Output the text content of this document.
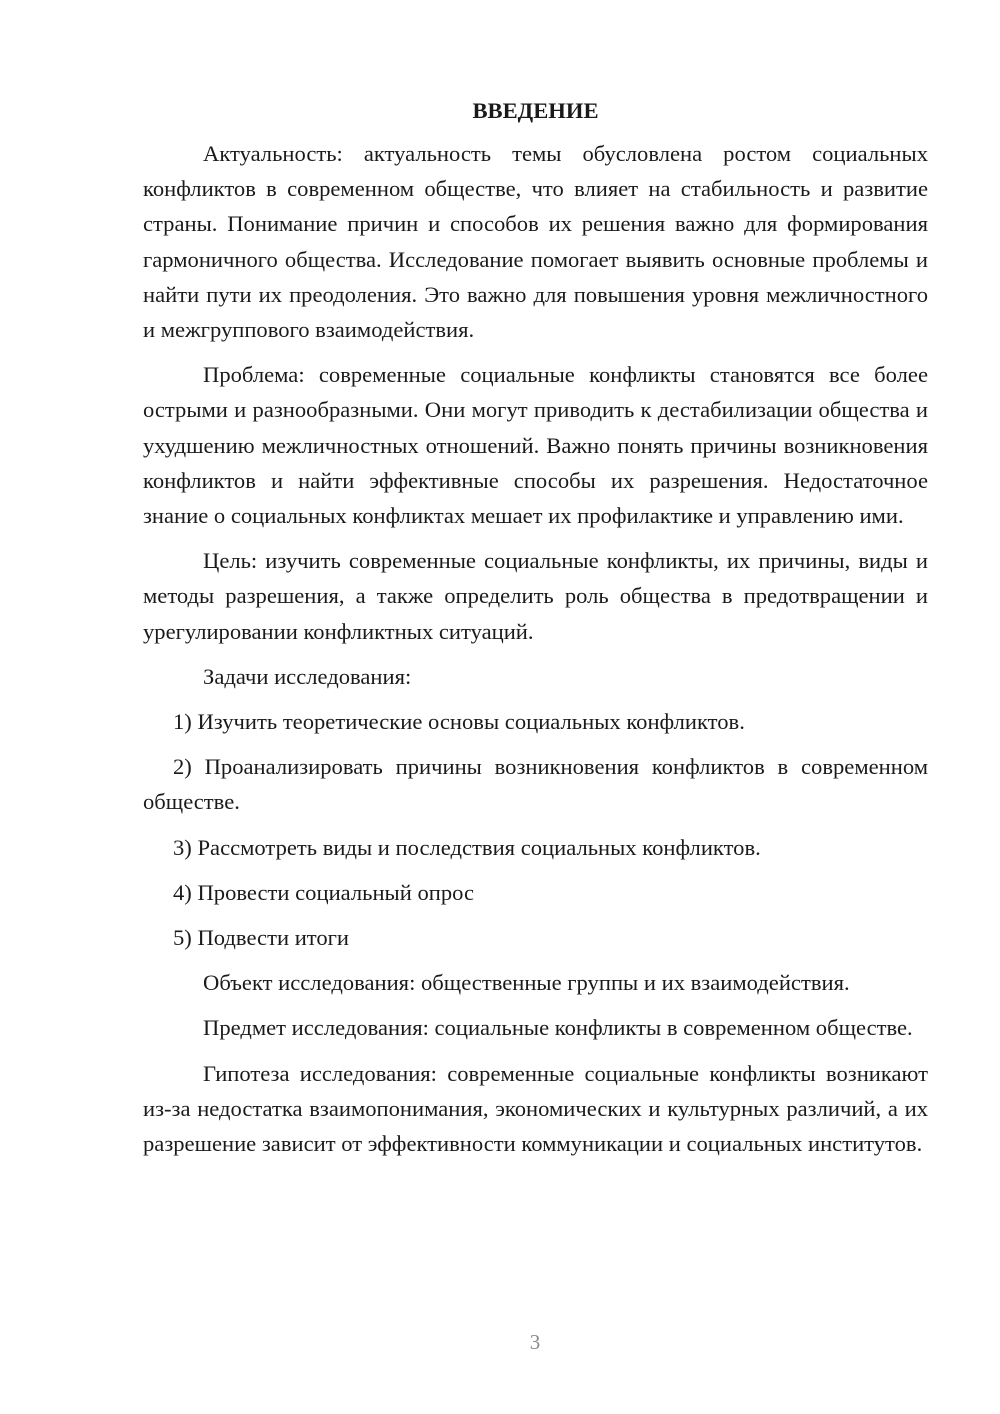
ВВЕДЕНИЕ

Актуальность: актуальность темы обусловлена ростом социальных конфликтов в современном обществе, что влияет на стабильность и развитие страны. Понимание причин и способов их решения важно для формирования гармоничного общества. Исследование помогает выявить основные проблемы и найти пути их преодоления. Это важно для повышения уровня межличностного и межгруппового взаимодействия.

Проблема: современные социальные конфликты становятся все более острыми и разнообразными. Они могут приводить к дестабилизации общества и ухудшению межличностных отношений. Важно понять причины возникновения конфликтов и найти эффективные способы их разрешения. Недостаточное знание о социальных конфликтах мешает их профилактике и управлению ими.

Цель: изучить современные социальные конфликты, их причины, виды и методы разрешения, а также определить роль общества в предотвращении и урегулировании конфликтных ситуаций.

Задачи исследования:

1) Изучить теоретические основы социальных конфликтов.

2) Проанализировать причины возникновения конфликтов в современном обществе.

3) Рассмотреть виды и последствия социальных конфликтов.

4) Провести социальный опрос

5) Подвести итоги

Объект исследования: общественные группы и их взаимодействия.

Предмет исследования: социальные конфликты в современном обществе.

Гипотеза исследования: современные социальные конфликты возникают из-за недостатка взаимопонимания, экономических и культурных различий, а их разрешение зависит от эффективности коммуникации и социальных институтов.

3
